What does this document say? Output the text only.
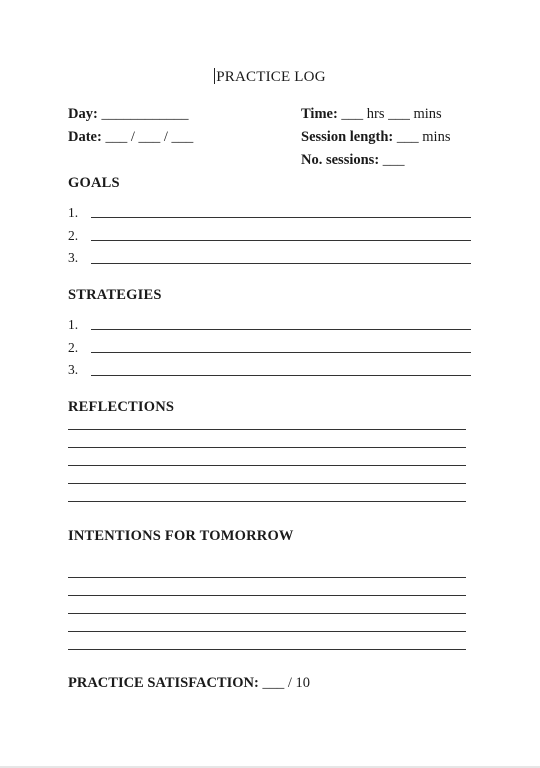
PRACTICE LOG
Day: ____________
Date: ___ / ___ / ___
Time: ___ hrs ___ mins
Session length: ___ mins
No. sessions: ___
GOALS
1.
2.
3.
STRATEGIES
1.
2.
3.
REFLECTIONS
INTENTIONS FOR TOMORROW
PRACTICE SATISFACTION: ___ / 10
